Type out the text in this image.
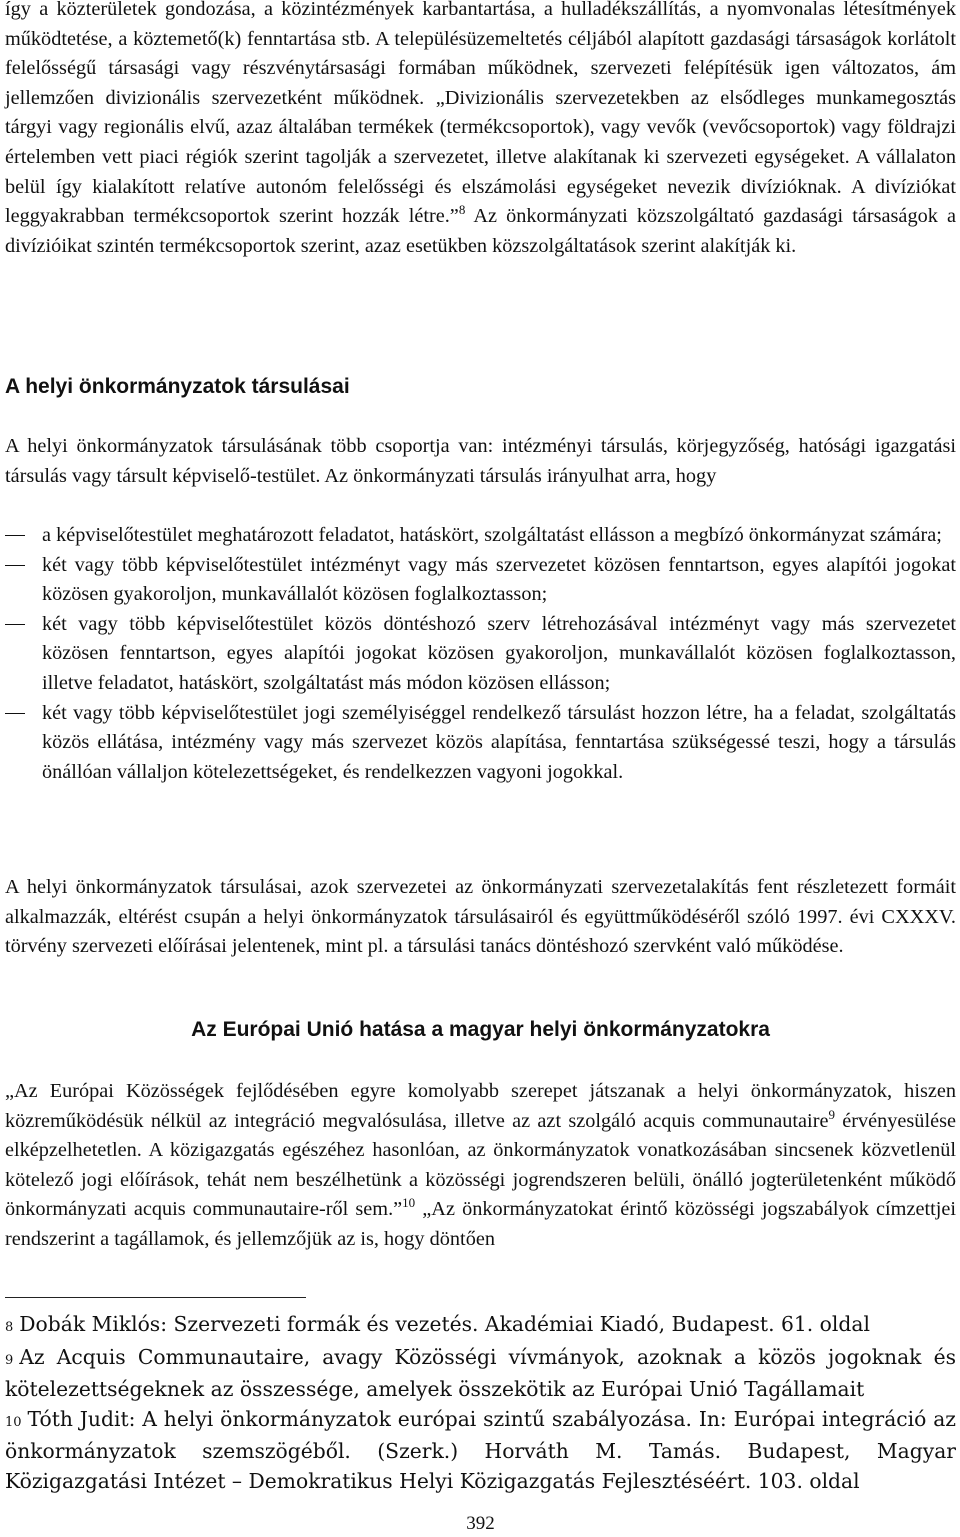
így a közterületek gondozása, a közintézmények karbantartása, a hulladékszállítás, a nyomvonalas létesítmények működtetése, a köztemető(k) fenntartása stb. A településüzemeltetés céljából alapított gazdasági társaságok korlátolt felelősségű társasági vagy részvénytársasági formában működnek, szervezeti felépítésük igen változatos, ám jellemzően divizionális szervezetként működnek. „Divizionális szervezetekben az elsődleges munkamegosztás tárgyi vagy regionális elvű, azaz általában termékek (termékcsoportok), vagy vevők (vevőcsoportok) vagy földrajzi értelemben vett piaci régiók szerint tagolják a szervezetet, illetve alakítanak ki szervezeti egységeket. A vállalaton belül így kialakított relatíve autonóm felelősségi és elszámolási egységeket nevezik divízióknak. A divíziókat leggyakrabban termékcsoportok szerint hozzák létre.”$^8$ Az önkormányzati közszolgáltató gazdasági társaságok a divízióikat szintén termékcsoportok szerint, azaz esetükben közszolgáltatások szerint alakítják ki.

A helyi önkormányzatok társulásai

A helyi önkormányzatok társulásának több csoportja van: intézményi társulás, körjegyzőség, hatósági igazgatási társulás vagy társult képviselő-testület. Az önkormányzati társulás irányulhat arra, hogy

a képviselőtestület meghatározott feladatot, hatáskört, szolgáltatást ellásson a megbízó önkormányzat számára;
két vagy több képviselőtestület intézményt vagy más szervezetet közösen fenntartson, egyes alapítói jogokat közösen gyakoroljon, munkavállalót közösen foglalkoztasson;
két vagy több képviselőtestület közös döntéshozó szerv létrehozásával intézményt vagy más szervezetet közösen fenntartson, egyes alapítói jogokat közösen gyakoroljon, munkavállalót közösen foglalkoztasson, illetve feladatot, hatáskört, szolgáltatást más módon közösen ellásson;
két vagy több képviselőtestület jogi személyiséggel rendelkező társulást hozzon létre, ha a feladat, szolgáltatás közös ellátása, intézmény vagy más szervezet közös alapítása, fenntartása szükségessé teszi, hogy a társulás önállóan vállaljon kötelezettségeket, és rendelkezzen vagyoni jogokkal.

A helyi önkormányzatok társulásai, azok szervezetei az önkormányzati szervezetalakítás fent részletezett formáit alkalmazzák, eltérést csupán a helyi önkormányzatok társulásairól és együttműködéséről szóló 1997. évi CXXXV. törvény szervezeti előírásai jelentenek, mint pl. a társulási tanács döntéshozó szervként való működése.

Az Európai Unió hatása a magyar helyi önkormányzatokra

„Az Európai Közösségek fejlődésében egyre komolyabb szerepet játszanak a helyi önkormányzatok, hiszen közreműködésük nélkül az integráció megvalósulása, illetve az azt szolgáló acquis communautaire$^9$ érvényesülése elképzelhetetlen. A közigazgatás egészéhez hasonlóan, az önkormányzatok vonatkozásában sincsenek közvetlenül kötelező jogi előírások, tehát nem beszélhetünk a közösségi jogrendszeren belüli, önálló jogterületenként működő önkormányzati acquis communautaire-ről sem.”$^{10}$ „Az önkormányzatokat érintő közösségi jogszabályok címzettjei rendszerint a tagállamok, és jellemzőjük az is, hogy döntően

8 Dobák Miklós: Szervezeti formák és vezetés. Akadémiai Kiadó, Budapest. 61. oldal

9 Az Acquis Communautaire, avagy Közösségi vívmányok, azoknak a közös jogoknak és kötelezettségeknek az összessége, amelyek összekötik az Európai Unió Tagállamait

10 Tóth Judit: A helyi önkormányzatok európai szintű szabályozása. In: Európai integráció az önkormányzatok szemszögéből. (Szerk.) Horváth M. Tamás. Budapest, Magyar Közigazgatási Intézet – Demokratikus Helyi Közigazgatás Fejlesztéséért. 103. oldal

392
